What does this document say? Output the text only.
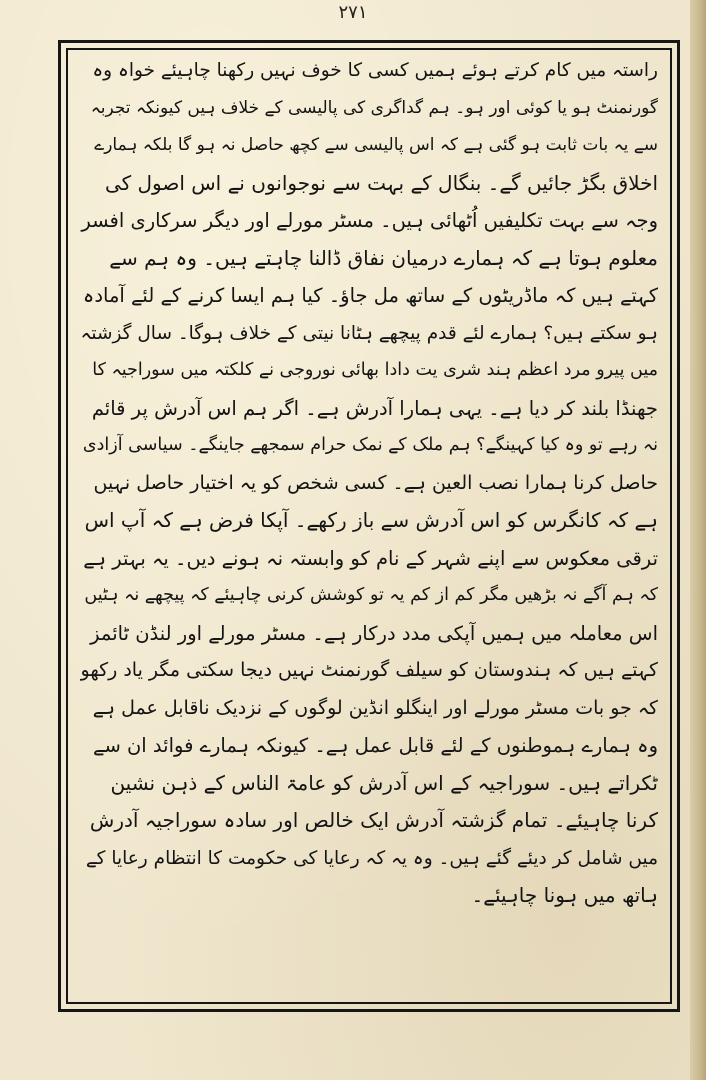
۲۷۱
راستہ میں کام کرتے ہوئے ہمیں کسی کا خوف نہیں رکھنا چاہیئے خواہ وہ
گورنمنٹ ہو یا کوئی اور ہو۔ ہم گداگری کی پالیسی کے خلاف ہیں کیونکہ تجربہ
سے یہ بات ثابت ہو گئی ہے کہ اس پالیسی سے کچھ حاصل نہ ہو گا بلکہ ہمارے
اخلاق بگڑ جائیں گے۔ بنگال کے بہت سے نوجوانوں نے اس اصول کی
وجہ سے بہت تکلیفیں اُٹھائی ہیں۔ مسٹر مورلے اور دیگر سرکاری افسر
معلوم ہوتا ہے کہ ہمارے درمیان نفاق ڈالنا چاہتے ہیں۔ وہ ہم سے
کہتے ہیں کہ ماڈریٹوں کے ساتھ مل جاؤ۔ کیا ہم ایسا کرنے کے لئے آمادہ
ہو سکتے ہیں؟ ہمارے لئے قدم پیچھے ہٹانا نیتی کے خلاف ہوگا۔ سال گزشتہ
میں پیرو مرد اعظم ہند شری یت دادا بھائی نوروجی نے کلکتہ میں سوراجیہ کا
جھنڈا بلند کر دیا ہے۔ یہی ہمارا آدرش ہے۔ اگر ہم اس آدرش پر قائم
نہ رہے تو وہ کیا کہینگے؟ ہم ملک کے نمک حرام سمجھے جاینگے۔ سیاسی آزادی
حاصل کرنا ہمارا نصب العین ہے۔ کسی شخص کو یہ اختیار حاصل نہیں
ہے کہ کانگرس کو اس آدرش سے باز رکھے۔ آپکا فرض ہے کہ آپ اس
ترقی معکوس سے اپنے شہر کے نام کو وابستہ نہ ہونے دیں۔ یہ بہتر ہے
کہ ہم آگے نہ بڑھیں مگر کم از کم یہ تو کوشش کرنی چاہیئے کہ پیچھے نہ ہٹیں
اس معاملہ میں ہمیں آپکی مدد درکار ہے۔ مسٹر مورلے اور لنڈن ٹائمز
کہتے ہیں کہ ہندوستان کو سیلف گورنمنٹ نہیں دیجا سکتی مگر یاد رکھو
کہ جو بات مسٹر مورلے اور اینگلو انڈین لوگوں کے نزدیک ناقابل عمل ہے
وہ ہمارے ہموطنوں کے لئے قابل عمل ہے۔ کیونکہ ہمارے فوائد ان سے
ٹکراتے ہیں۔ سوراجیہ کے اس آدرش کو عامۃ الناس کے ذہن نشین
کرنا چاہیئے۔ تمام گزشتہ آدرش ایک خالص اور سادہ سوراجیہ آدرش
میں شامل کر دیئے گئے ہیں۔ وہ یہ کہ رعایا کی حکومت کا انتظام رعایا کے
ہاتھ میں ہونا چاہیئے۔
